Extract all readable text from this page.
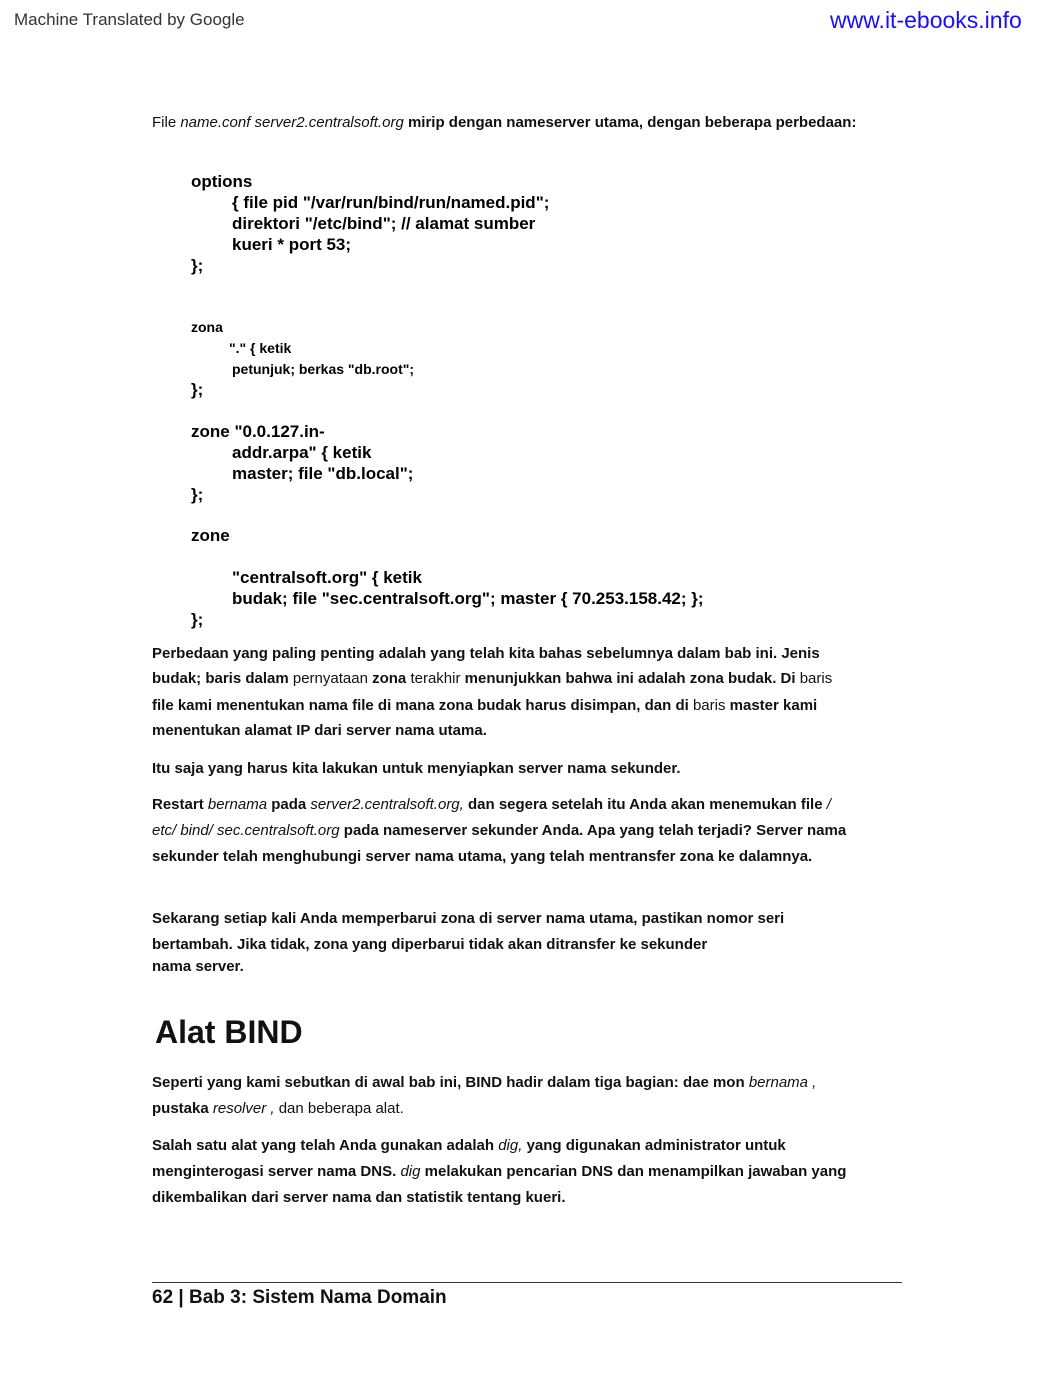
Machine Translated by Google	www.it-ebooks.info
File name.conf server2.centralsoft.org mirip dengan nameserver utama, dengan beberapa perbedaan:
options
{ file pid "/var/run/bind/run/named.pid";
direktori "/etc/bind"; // alamat sumber
kueri * port 53;
};
zona
"." { ketik
petunjuk; berkas "db.root";
};
zone "0.0.127.in-
addr.arpa" { ketik
master; file "db.local";
};
zone
"centralsoft.org" { ketik
budak; file "sec.centralsoft.org"; master { 70.253.158.42; };
};
Perbedaan yang paling penting adalah yang telah kita bahas sebelumnya dalam bab ini. Jenis
budak; baris dalam pernyataan zona terakhir menunjukkan bahwa ini adalah zona budak. Di baris
file kami menentukan nama file di mana zona budak harus disimpan, dan di baris master kami
menentukan alamat IP dari server nama utama.
Itu saja yang harus kita lakukan untuk menyiapkan server nama sekunder.
Restart bernama pada server2.centralsoft.org, dan segera setelah itu Anda akan menemukan file /
etc/ bind/ sec.centralsoft.org pada nameserver sekunder Anda. Apa yang telah terjadi? Server nama
sekunder telah menghubungi server nama utama, yang telah mentransfer zona ke dalamnya.
Sekarang setiap kali Anda memperbarui zona di server nama utama, pastikan nomor seri
bertambah. Jika tidak, zona yang diperbarui tidak akan ditransfer ke sekunder
nama server.
Alat BIND
Seperti yang kami sebutkan di awal bab ini, BIND hadir dalam tiga bagian: dae mon bernama ,
pustaka resolver , dan beberapa alat.
Salah satu alat yang telah Anda gunakan adalah dig, yang digunakan administrator untuk
menginterogasi server nama DNS. dig melakukan pencarian DNS dan menampilkan jawaban yang
dikembalikan dari server nama dan statistik tentang kueri.
62 | Bab 3: Sistem Nama Domain
